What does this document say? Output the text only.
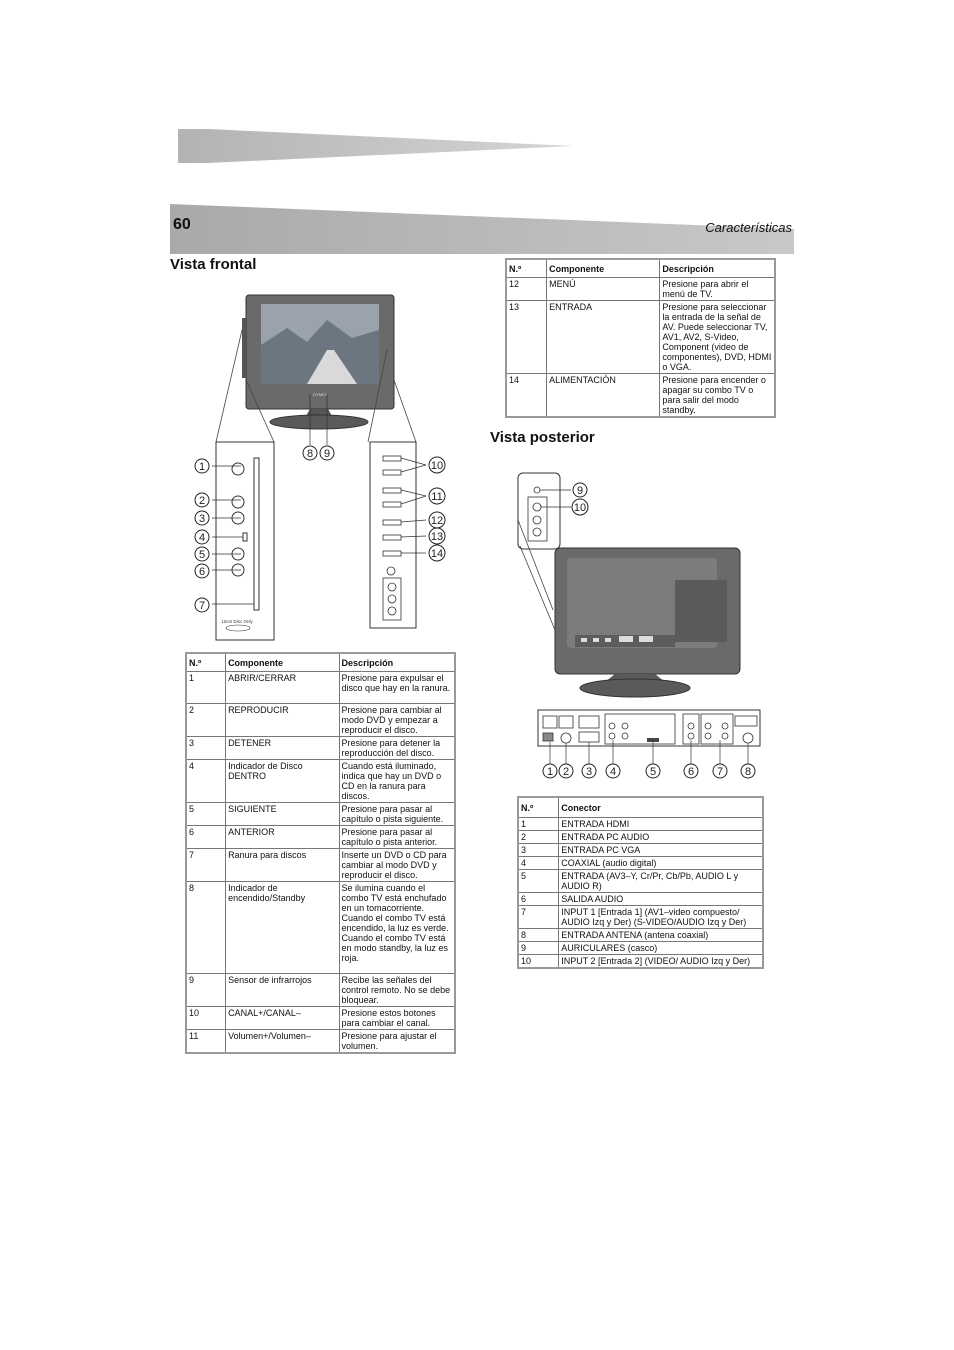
60	Características
Vista frontal
DYNEX
12cm Disc Only
1
2
3
4
5
6
7
8 9
10
11
12
13
14
N.º	Componente	Descripción
1	ABRIR/CERRAR	Presione para expulsar el disco que hay en la ranura.
2	REPRODUCIR	Presione para cambiar al modo DVD y empezar a reproducir el disco.
3	DETENER	Presione para detener la reproducción del disco.
4	Indicador de Disco DENTRO	Cuando está iluminado, indica que hay un DVD o CD en la ranura para discos.
5	SIGUIENTE	Presione para pasar al capítulo o pista siguiente.
6	ANTERIOR	Presione para pasar al capítulo o pista anterior.
7	Ranura para discos	Inserte un DVD o CD para cambiar al modo DVD y reproducir el disco.
8	Indicador de encendido/Standby	Se ilumina cuando el combo TV está enchufado en un tomacorriente. Cuando el combo TV está encendido, la luz es verde. Cuando el combo TV está en modo standby, la luz es roja.
9	Sensor de infrarrojos	Recibe las señales del control remoto. No se debe bloquear.
10	CANAL+/CANAL–	Presione estos botones para cambiar el canal.
11	Volumen+/Volumen–	Presione para ajustar el volumen.
N.º	Componente	Descripción
12	MENÚ	Presione para abrir el menú de TV.
13	ENTRADA	Presione para seleccionar la entrada de la señal de AV. Puede seleccionar TV, AV1, AV2, S-Video, Component (video de componentes), DVD, HDMI o VGA.
14	ALIMENTACIÓN	Presione para encender o apagar su combo TV o para salir del modo standby.
Vista posterior
9
10
1 2 3 4	5	6 7 8
N.º	Conector
1	ENTRADA HDMI
2	ENTRADA PC AUDIO
3	ENTRADA PC VGA
4	COAXIAL (audio digital)
5	ENTRADA (AV3–Y, Cr/Pr, Cb/Pb, AUDIO L y AUDIO R)
6	SALIDA AUDIO
7	INPUT 1 [Entrada 1] (AV1–video compuesto/ AUDIO Izq y Der) (S-VIDEO/AUDIO Izq y Der)
8	ENTRADA ANTENA (antena coaxial)
9	AURICULARES (casco)
10	INPUT 2 [Entrada 2] (VIDEO/ AUDIO Izq y Der)
